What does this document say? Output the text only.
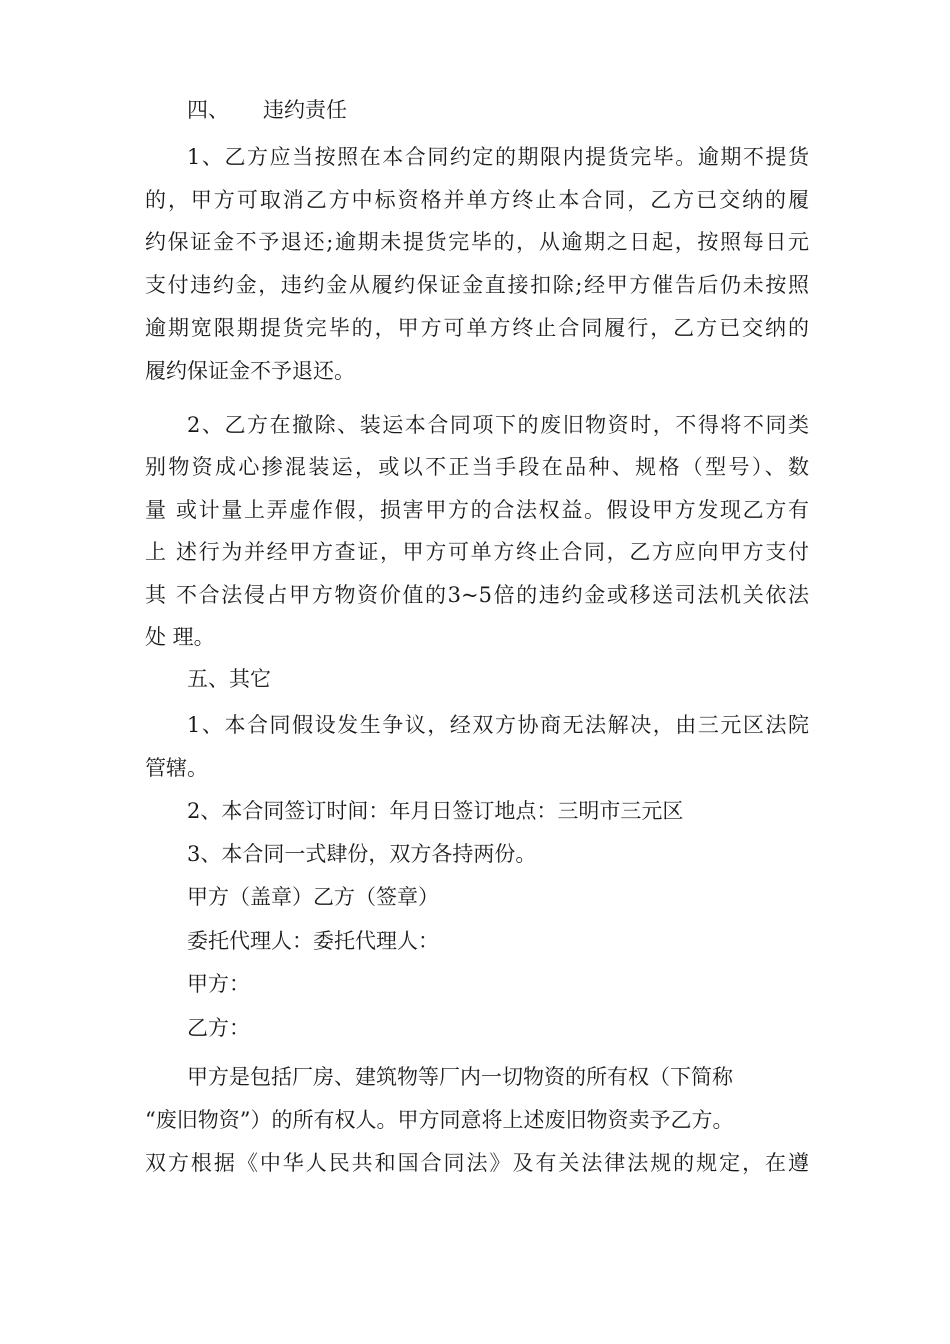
四、 违约责任
1、乙方应当按照在本合同约定的期限内提货完毕。逾期不提货
的，甲方可取消乙方中标资格并单方终止本合同，乙方已交纳的履
约保证金不予退还;逾期未提货完毕的，从逾期之日起，按照每日元
支付违约金，违约金从履约保证金直接扣除;经甲方催告后仍未按照
逾期宽限期提货完毕的，甲方可单方终止合同履行，乙方已交纳的
履约保证金不予退还。
2、乙方在撤除、装运本合同项下的废旧物资时，不得将不同类
别物资成心掺混装运，或以不正当手段在品种、规格（型号）、数
量 或计量上弄虚作假，损害甲方的合法权益。假设甲方发现乙方有
上 述行为并经甲方查证，甲方可单方终止合同，乙方应向甲方支付
其 不合法侵占甲方物资价值的3~5倍的违约金或移送司法机关依法
处 理。
五、其它
1、本合同假设发生争议，经双方协商无法解决，由三元区法院
管辖。
2、本合同签订时间：年月日签订地点：三明市三元区
3、本合同一式肆份，双方各持两份。
甲方（盖章）乙方（签章）
委托代理人：委托代理人：
甲方：
乙方：
甲方是包括厂房、建筑物等厂内一切物资的所有权（下简称
“废旧物资”）的所有权人。甲方同意将上述废旧物资卖予乙方。
双方根据《中华人民共和国合同法》及有关法律法规的规定，在遵
